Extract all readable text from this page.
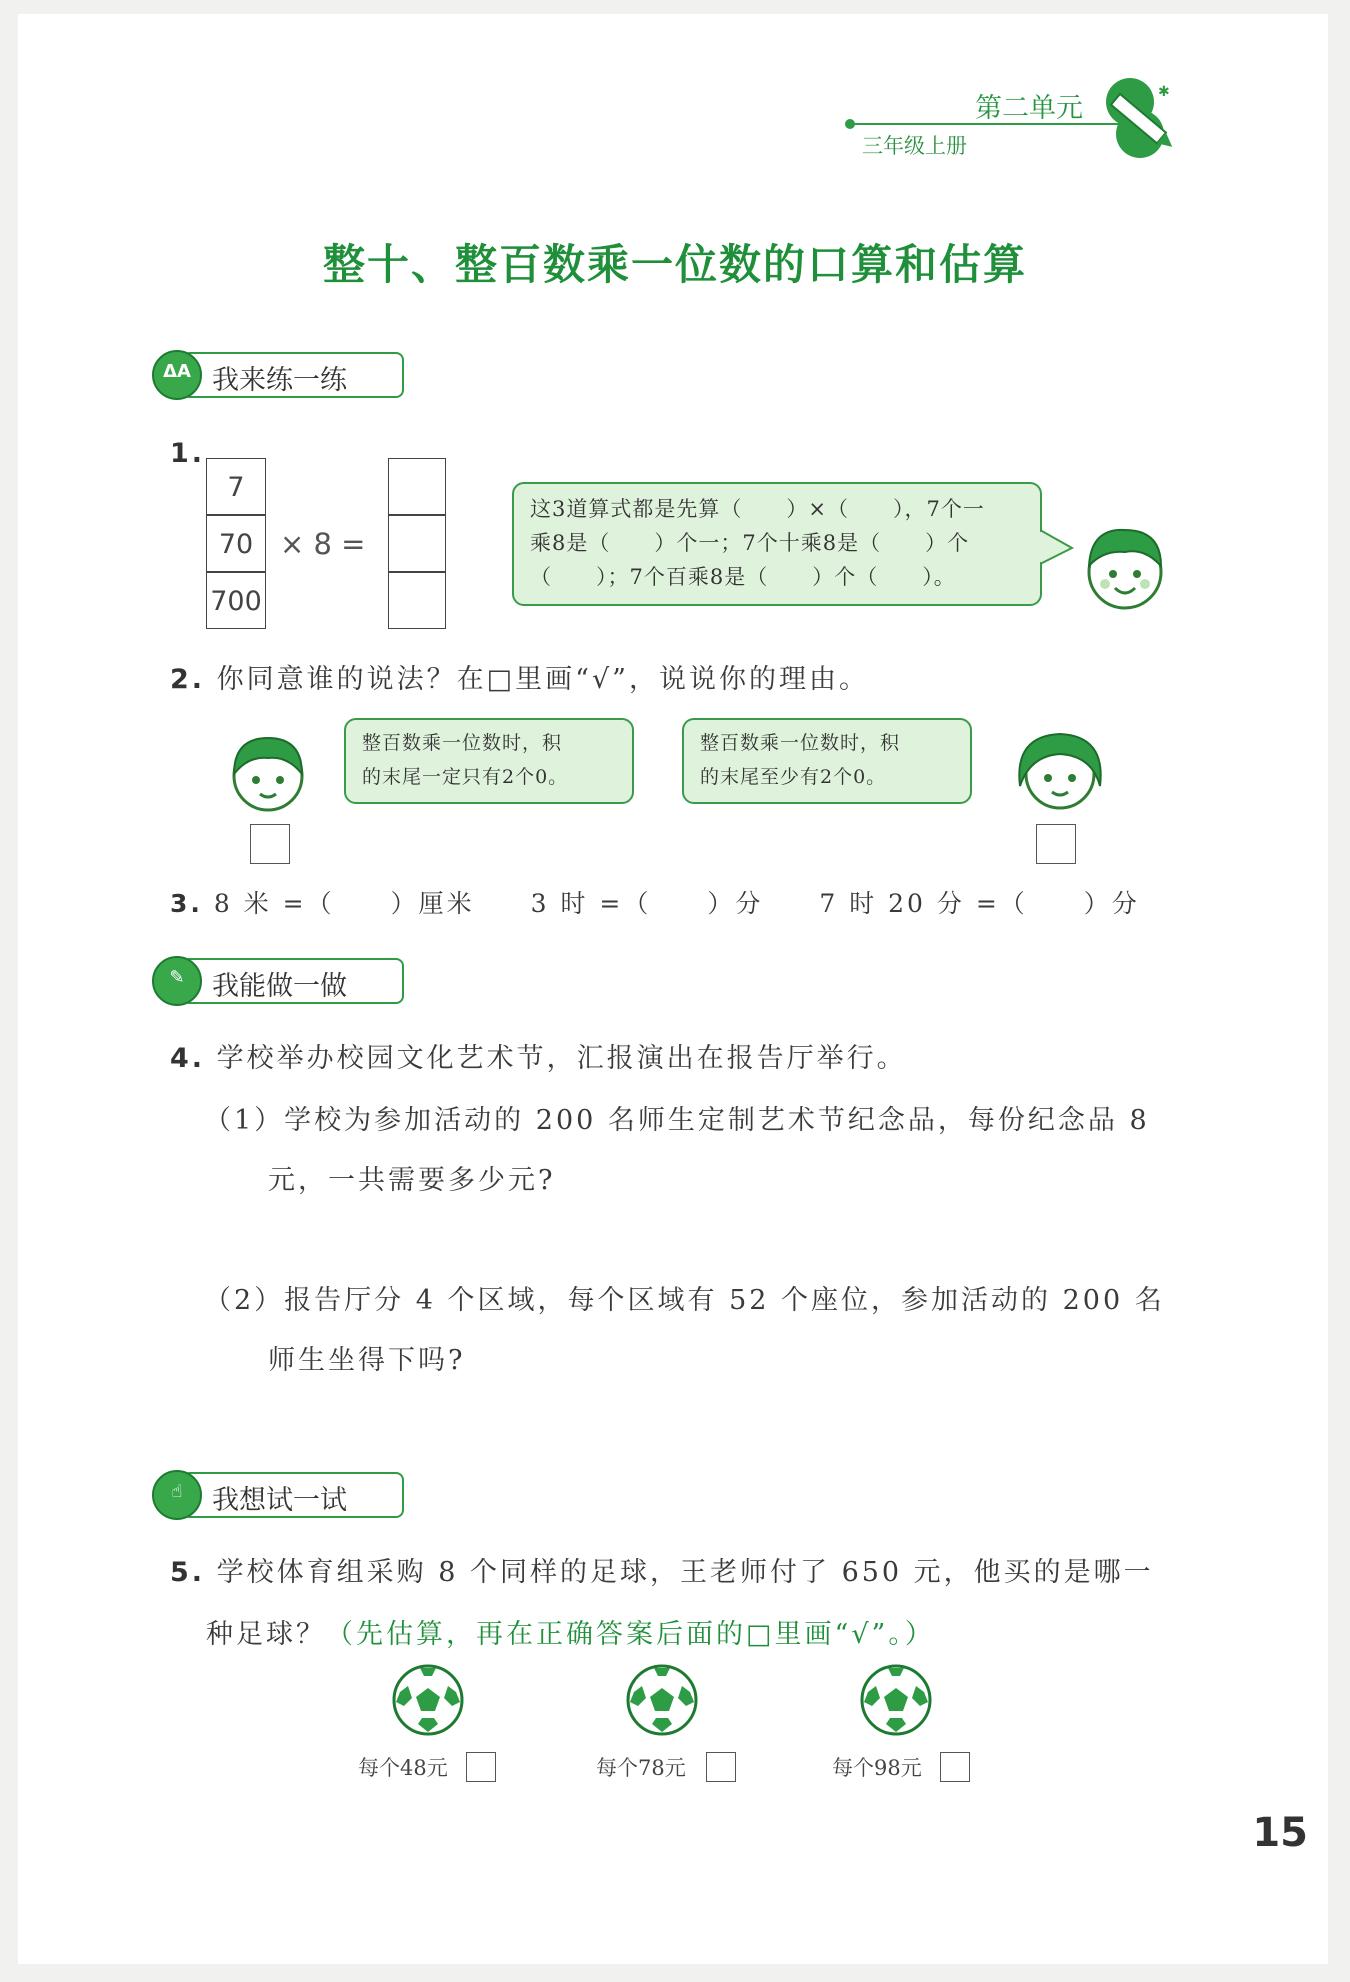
第二单元
三年级上册
✱
整十、整百数乘一位数的口算和估算
ΔA 我来练一练
1.
7
70
700
× 8 =
这3道算式都是先算（　　）×（　　），7个一
乘8是（　　）个一；7个十乘8是（　　）个
（　　）；7个百乘8是（　　）个（　　）。
2. 你同意谁的说法？在□里画“√”，说说你的理由。
整百数乘一位数时，积
的末尾一定只有2个0。
整百数乘一位数时，积
的末尾至少有2个0。
3. 8 米 =（　　）厘米　　3 时 =（　　）分　　7 时 20 分 =（　　）分
✎	我能做一做
4. 学校举办校园文化艺术节，汇报演出在报告厅举行。
（1）学校为参加活动的 200 名师生定制艺术节纪念品，每份纪念品 8
元，一共需要多少元?
（2）报告厅分 4 个区域，每个区域有 52 个座位，参加活动的 200 名
师生坐得下吗?
☝	我想试一试
5. 学校体育组采购 8 个同样的足球，王老师付了 650 元，他买的是哪一
种足球？（先估算，再在正确答案后面的□里画“√”。）
每个48元	每个78元	每个98元
15
